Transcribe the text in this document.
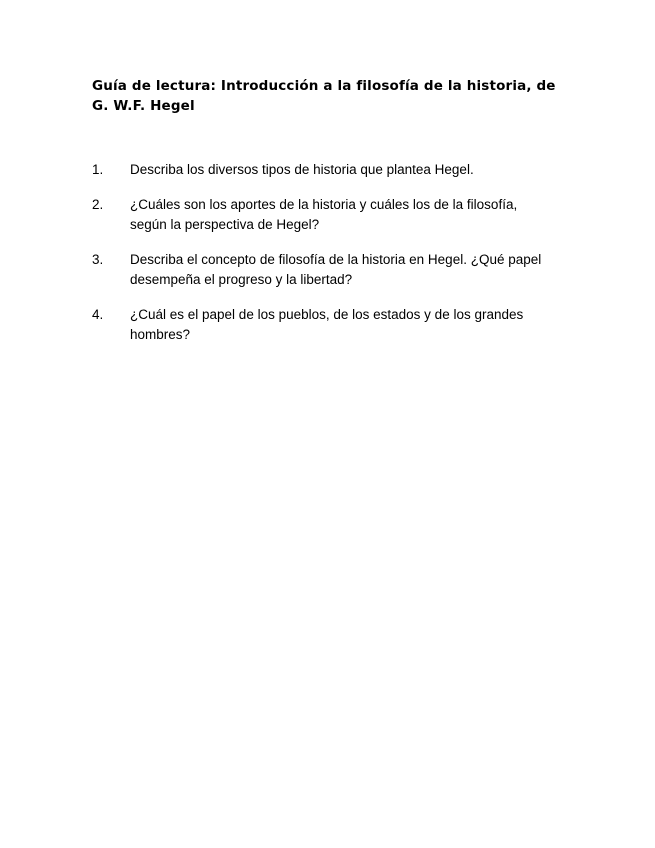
Guía de lectura: Introducción a la filosofía de la historia, de
G. W.F. Hegel
1. Describa los diversos tipos de historia que plantea Hegel.
2. ¿Cuáles son los aportes de la historia y cuáles los de la filosofía,
según la perspectiva de Hegel?
3. Describa el concepto de filosofía de la historia en Hegel. ¿Qué papel
desempeña el progreso y la libertad?
4. ¿Cuál es el papel de los pueblos, de los estados y de los grandes
hombres?
